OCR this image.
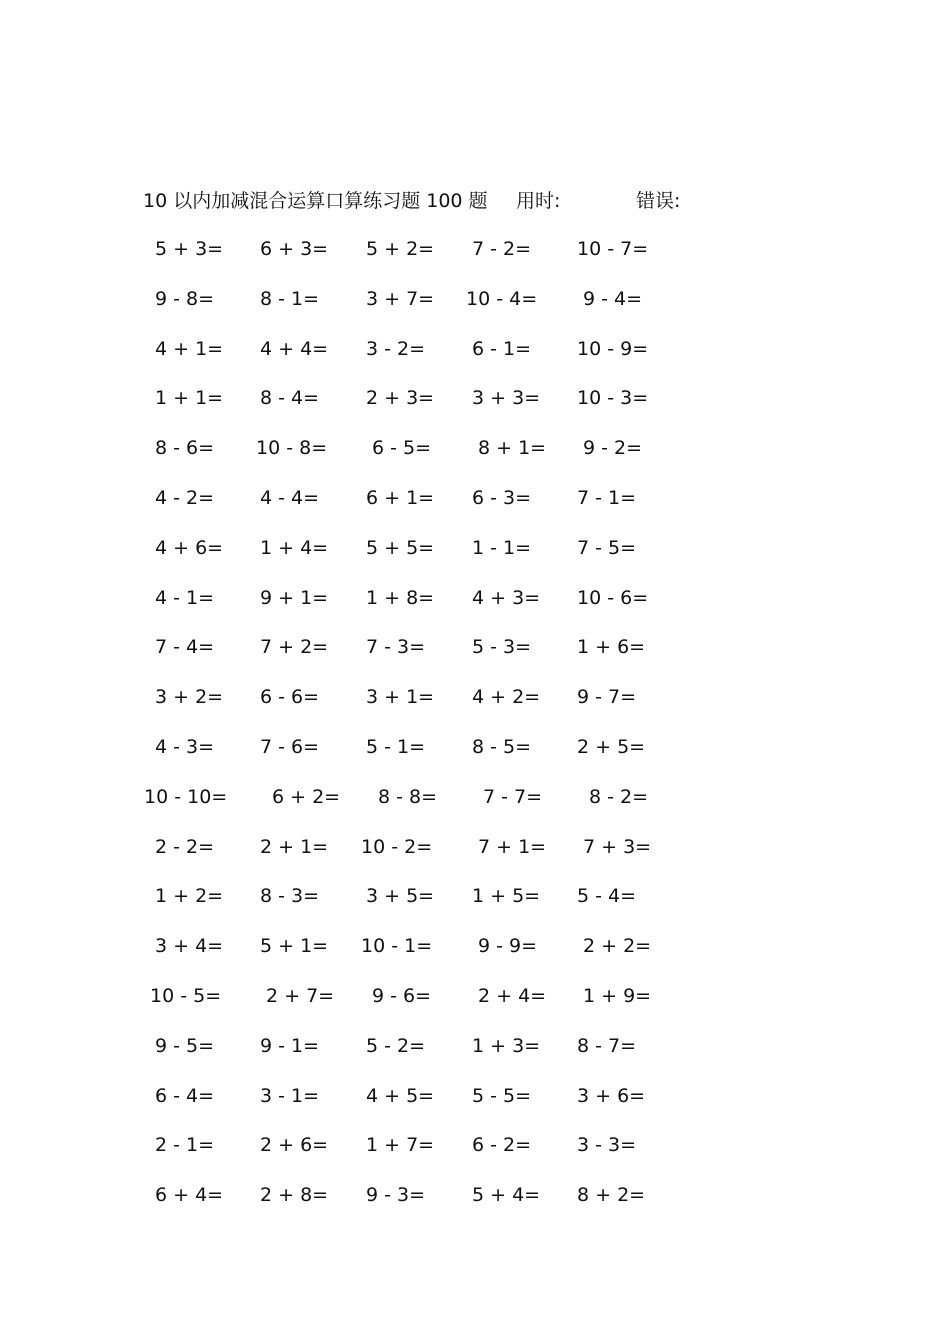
10 以内加减混合运算口算练习题 100 题 用时:	错误:
5 + 3= 6 + 3= 5 + 2= 7 - 2= 10 - 7=
9 - 8= 8 - 1= 3 + 7= 10 - 4= 9 - 4=
4 + 1= 4 + 4= 3 - 2= 6 - 1= 10 - 9=
1 + 1= 8 - 4= 2 + 3= 3 + 3= 10 - 3=
8 - 6= 10 - 8= 6 - 5= 8 + 1= 9 - 2=
4 - 2= 4 - 4= 6 + 1= 6 - 3= 7 - 1=
4 + 6= 1 + 4= 5 + 5= 1 - 1= 7 - 5=
4 - 1= 9 + 1= 1 + 8= 4 + 3= 10 - 6=
7 - 4= 7 + 2= 7 - 3= 5 - 3= 1 + 6=
3 + 2= 6 - 6= 3 + 1= 4 + 2= 9 - 7=
4 - 3= 7 - 6= 5 - 1= 8 - 5= 2 + 5=
10 - 10= 6 + 2= 8 - 8= 7 - 7= 8 - 2=
2 - 2= 2 + 1= 10 - 2= 7 + 1= 7 + 3=
1 + 2= 8 - 3= 3 + 5= 1 + 5= 5 - 4=
3 + 4= 5 + 1= 10 - 1= 9 - 9= 2 + 2=
10 - 5= 2 + 7= 9 - 6= 2 + 4= 1 + 9=
9 - 5= 9 - 1= 5 - 2= 1 + 3= 8 - 7=
6 - 4= 3 - 1= 4 + 5= 5 - 5= 3 + 6=
2 - 1= 2 + 6= 1 + 7= 6 - 2= 3 - 3=
6 + 4= 2 + 8= 9 - 3= 5 + 4= 8 + 2=
